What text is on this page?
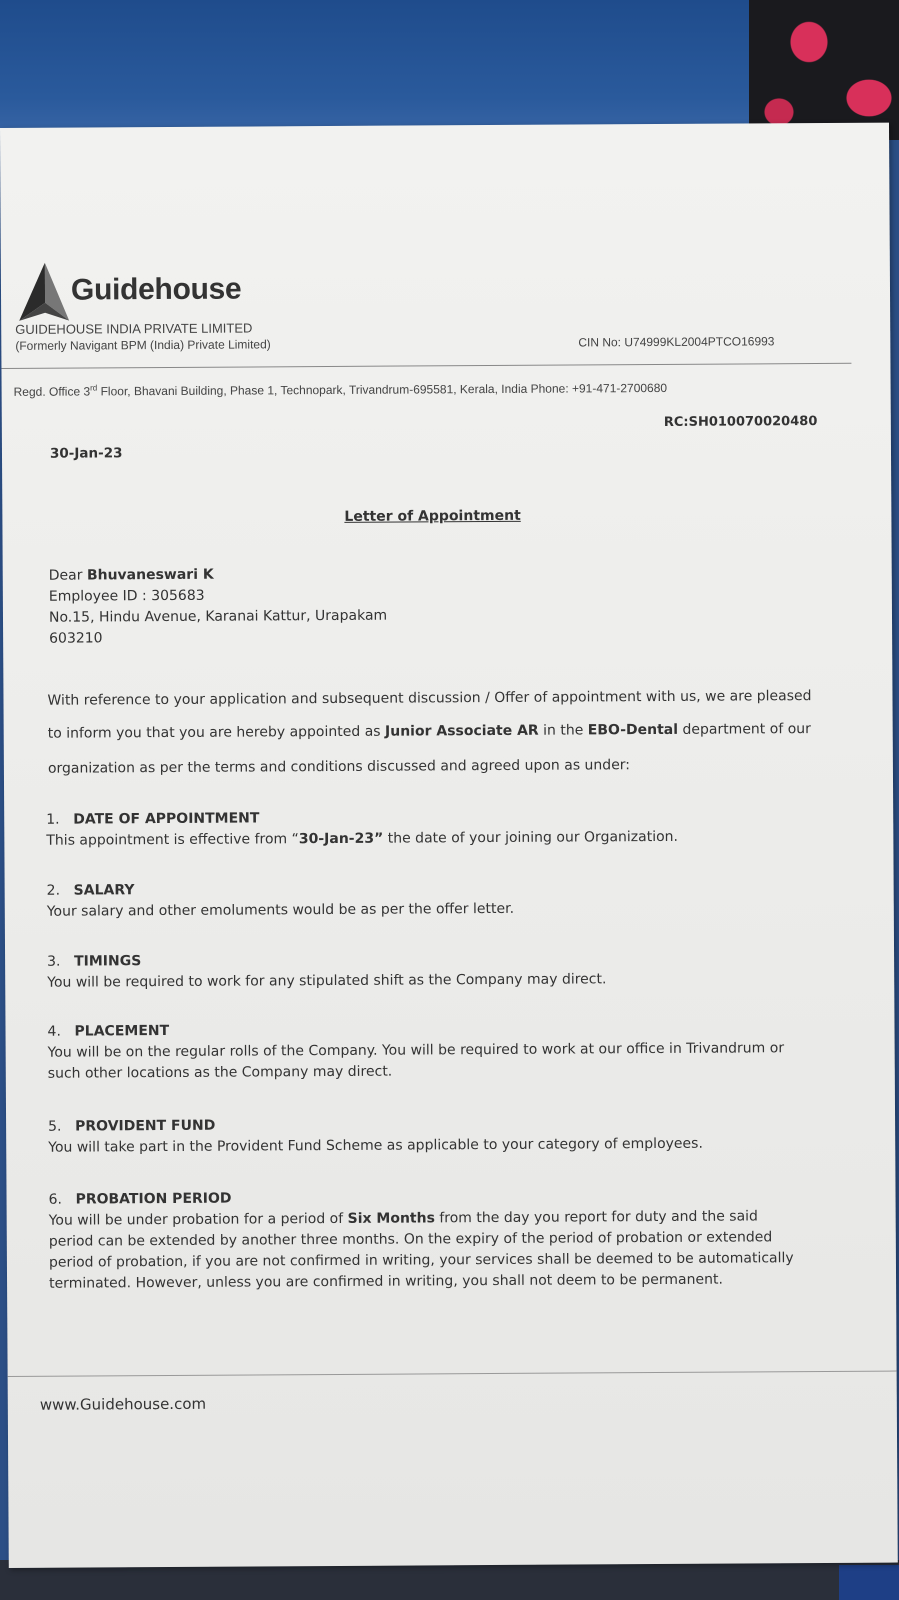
Guidehouse
GUIDEHOUSE INDIA PRIVATE LIMITED
(Formerly Navigant BPM (India) Private Limited)	CIN No: U74999KL2004PTCO16993
Regd. Office 3rd Floor, Bhavani Building, Phase 1, Technopark, Trivandrum-695581, Kerala, India Phone: +91-471-2700680
RC:SH010070020480
30-Jan-23
Letter of Appointment
Dear Bhuvaneswari K
Employee ID : 305683
No.15, Hindu Avenue, Karanai Kattur, Urapakam
603210
With reference to your application and subsequent discussion / Offer of appointment with us, we are pleased
to inform you that you are hereby appointed as Junior Associate AR in the EBO-Dental department of our
organization as per the terms and conditions discussed and agreed upon as under:
1. DATE OF APPOINTMENT
This appointment is effective from “30-Jan-23” the date of your joining our Organization.
2. SALARY
Your salary and other emoluments would be as per the offer letter.
3. TIMINGS
You will be required to work for any stipulated shift as the Company may direct.
4. PLACEMENT
You will be on the regular rolls of the Company. You will be required to work at our office in Trivandrum or
such other locations as the Company may direct.
5. PROVIDENT FUND
You will take part in the Provident Fund Scheme as applicable to your category of employees.
6. PROBATION PERIOD
You will be under probation for a period of Six Months from the day you report for duty and the said
period can be extended by another three months. On the expiry of the period of probation or extended
period of probation, if you are not confirmed in writing, your services shall be deemed to be automatically
terminated. However, unless you are confirmed in writing, you shall not deem to be permanent.
www.Guidehouse.com
